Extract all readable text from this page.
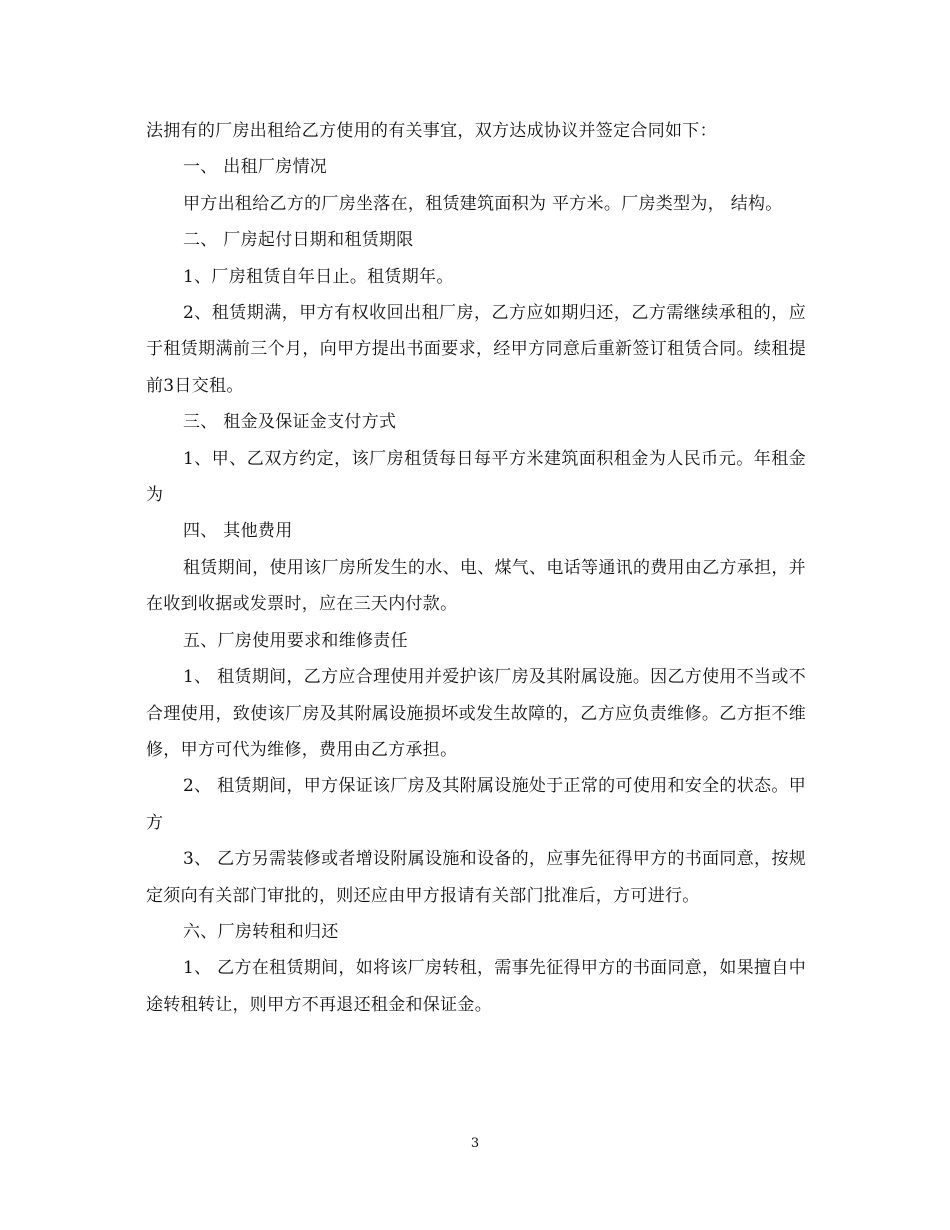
法拥有的厂房出租给乙方使用的有关事宜，双方达成协议并签定合同如下：

一、 出租厂房情况

甲方出租给乙方的厂房坐落在，租赁建筑面积为 平方米。厂房类型为， 结构。

二、 厂房起付日期和租赁期限

1、厂房租赁自年日止。租赁期年。

2、租赁期满，甲方有权收回出租厂房，乙方应如期归还，乙方需继续承租的，应于租赁期满前三个月，向甲方提出书面要求，经甲方同意后重新签订租赁合同。续租提前3日交租。

三、 租金及保证金支付方式

1、甲、乙双方约定，该厂房租赁每日每平方米建筑面积租金为人民币元。年租金为

四、 其他费用

租赁期间，使用该厂房所发生的水、电、煤气、电话等通讯的费用由乙方承担，并在收到收据或发票时，应在三天内付款。

五、厂房使用要求和维修责任

1、 租赁期间，乙方应合理使用并爱护该厂房及其附属设施。因乙方使用不当或不合理使用，致使该厂房及其附属设施损坏或发生故障的，乙方应负责维修。乙方拒不维修，甲方可代为维修，费用由乙方承担。

2、 租赁期间，甲方保证该厂房及其附属设施处于正常的可使用和安全的状态。甲方

3、 乙方另需装修或者增设附属设施和设备的，应事先征得甲方的书面同意，按规定须向有关部门审批的，则还应由甲方报请有关部门批准后，方可进行。

六、厂房转租和归还

1、 乙方在租赁期间，如将该厂房转租，需事先征得甲方的书面同意，如果擅自中途转租转让，则甲方不再退还租金和保证金。

3
